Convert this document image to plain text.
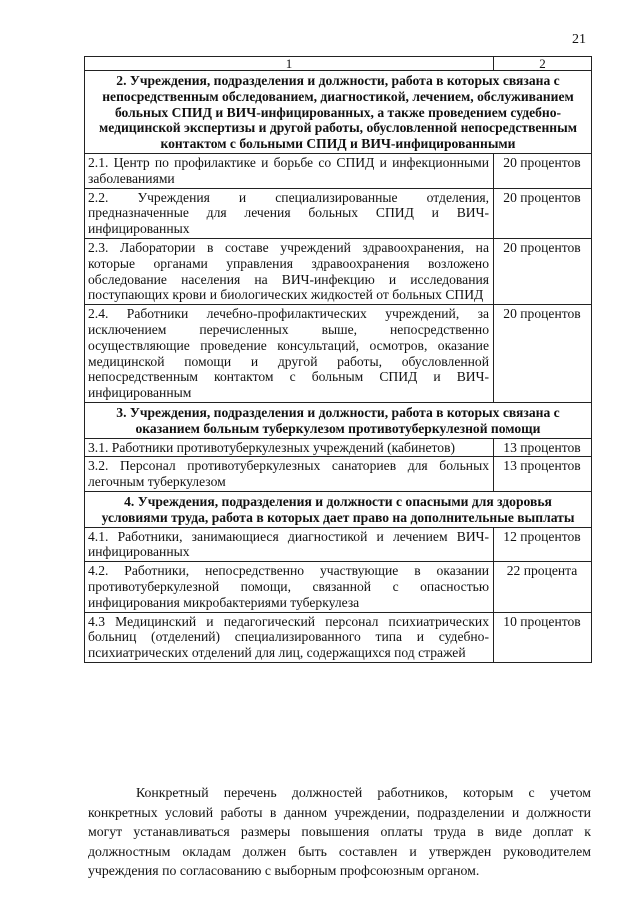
21
1	2
2. Учреждения, подразделения и должности, работа в которых связана с непосредственным обследованием, диагностикой, лечением, обслуживанием больных СПИД и ВИЧ-инфицированных, а также проведением судебно-медицинской экспертизы и другой работы, обусловленной непосредственным контактом с больными СПИД и ВИЧ-инфицированными	
2.1. Центр по профилактике и борьбе со СПИД и инфекционными заболеваниями	20 процентов
2.2. Учреждения и специализированные отделения, предназначенные для лечения больных СПИД и ВИЧ-инфицированных	20 процентов
2.3. Лаборатории в составе учреждений здравоохранения, на которые органами управления здравоохранения возложено обследование населения на ВИЧ-инфекцию и исследования поступающих крови и биологических жидкостей от больных СПИД	20 процентов
2.4. Работники лечебно-профилактических учреждений, за исключением перечисленных выше, непосредственно осуществляющие проведение консультаций, осмотров, оказание медицинской помощи и другой работы, обусловленной непосредственным контактом с больным СПИД и ВИЧ-инфицированным	20 процентов
3. Учреждения, подразделения и должности, работа в которых связана с оказанием больным туберкулезом противотуберкулезной помощи	
3.1. Работники противотуберкулезных учреждений (кабинетов)	13 процентов
3.2. Персонал противотуберкулезных санаториев для больных легочным туберкулезом	13 процентов
4. Учреждения, подразделения и должности с опасными для здоровья условиями труда, работа в которых дает право на дополнительные выплаты	
4.1. Работники, занимающиеся диагностикой и лечением ВИЧ-инфицированных	12 процентов
4.2. Работники, непосредственно участвующие в оказании противотуберкулезной помощи, связанной с опасностью инфицирования микробактериями туберкулеза	22 процента
4.3 Медицинский и педагогический персонал психиатрических больниц (отделений) специализированного типа и судебно-психиатрических отделений для лиц, содержащихся под стражей	10 процентов

Конкретный перечень должностей работников, которым с учетом конкретных условий работы в данном учреждении, подразделении и должности могут устанавливаться размеры повышения оплаты труда в виде доплат к должностным окладам должен быть составлен и утвержден руководителем учреждения по согласованию с выборным профсоюзным органом.
